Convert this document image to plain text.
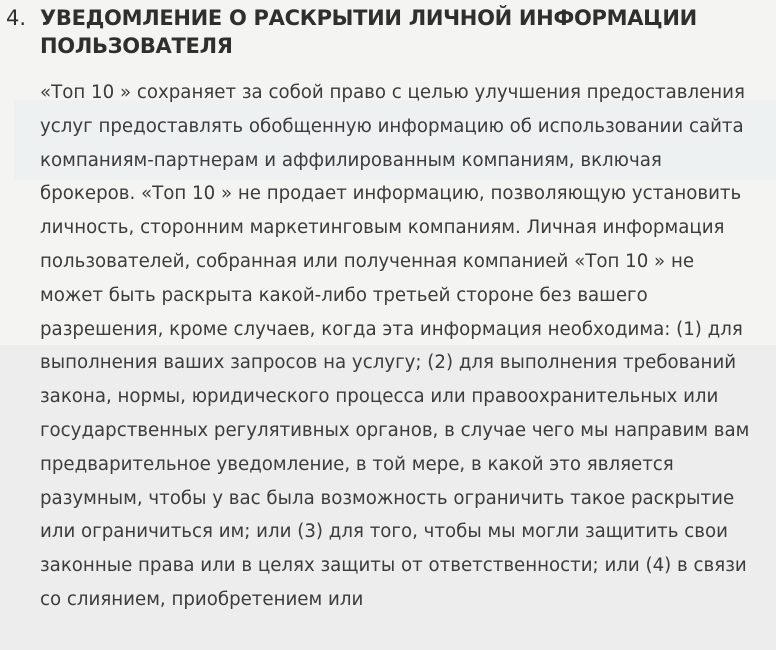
4. УВЕДОМЛЕНИЕ О РАСКРЫТИИ ЛИЧНОЙ ИНФОРМАЦИИ ПОЛЬЗОВАТЕЛЯ

«Топ 10 » сохраняет за собой право с целью улучшения предоставления услуг предоставлять обобщенную информацию об использовании сайта компаниям-партнерам и аффилированным компаниям, включая брокеров. «Топ 10 » не продает информацию, позволяющую установить личность, сторонним маркетинговым компаниям. Личная информация пользователей, собранная или полученная компанией «Топ 10 » не может быть раскрыта какой-либо третьей стороне без вашего разрешения, кроме случаев, когда эта информация необходима: (1) для выполнения ваших запросов на услугу; (2) для выполнения требований закона, нормы, юридического процесса или правоохранительных или государственных регулятивных органов, в случае чего мы направим вам предварительное уведомление, в той мере, в какой это является разумным, чтобы у вас была возможность ограничить такое раскрытие или ограничиться им; или (3) для того, чтобы мы могли защитить свои законные права или в целях защиты от ответственности; или (4) в связи со слиянием, приобретением или
